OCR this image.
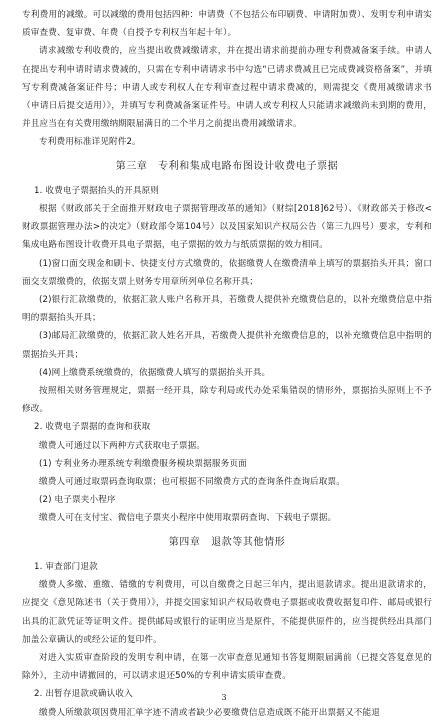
专利费用的减缴。可以减缴的费用包括四种：申请费（不包括公布印刷费、申请附加费）、发明专利申请实质审查费、复审费、年费（自授予专利权当年起十年）。

请求减缴专利收费的，应当提出收费减缴请求，并在提出请求前提前办理专利费减备案手续。申请人在提出专利申请时请求费减的，只需在专利申请请求书中勾选“已请求费减且已完成费减资格备案”，并填写专利费减备案证件号；申请人或专利权人在专利审查过程中请求费减的，则需提交《费用减缴请求书（申请日后提交适用）》，并填写专利费减备案证件号。申请人或专利权人只能请求减缴尚未到期的费用，并且应当在有关费用缴纳期限届满日的二个半月之前提出费用减缴请求。

专利费用标准详见附件2。

第三章　专利和集成电路布图设计收费电子票据

1. 收费电子票据抬头的开具原则

根据《财政部关于全面推开财政电子票据管理改革的通知》（财综[2018]62号）、《财政部关于修改<财政票据管理办法>的决定》（财政部令第104号）以及国家知识产权局公告（第三九四号）要求，专利和集成电路布图设计收费开具电子票据，电子票据的效力与纸质票据的效力相同。

(1)窗口面交现金和刷卡、快捷支付方式缴费的，依据缴费人在缴费清单上填写的票据抬头开具；窗口面交支票缴费的，依据支票上财务专用章所列单位名称开具；

(2)银行汇款缴费的，依据汇款人账户名称开具，若缴费人提供补充缴费信息的，以补充缴费信息中指明的票据抬头开具；

(3)邮局汇款缴费的，依据汇款人姓名开具，若缴费人提供补充缴费信息的，以补充缴费信息中指明的票据抬头开具；

(4)网上缴费系统缴费的，依据缴费人填写的票据抬头开具。

按照相关财务管理规定，票据一经开具，除专利局或代办处采集错误的情形外，票据抬头原则上不予修改。

2. 收费电子票据的查询和获取

缴费人可通过以下两种方式获取电子票据。

(1) 专利业务办理系统专利缴费服务模块票据服务页面

缴费人可通过取票码查询取票；也可根据不同缴费方式的查询条件查询后取票。

(2) 电子票夹小程序

缴费人可在支付宝、微信电子票夹小程序中使用取票码查询、下载电子票据。

第四章　退款等其他情形

1. 审查部门退款

缴费人多缴、重缴、错缴的专利费用，可以自缴费之日起三年内，提出退款请求。提出退款请求的，应提交《意见陈述书（关于费用）》，并提交国家知识产权局收费电子票据或收费收据复印件、邮局或银行出具的汇款凭证等证明文件。提供邮局或银行的证明应当是原件，不能提供原件的，应当提供经出具部门加盖公章确认的或经公证的复印件。

对进入实质审查阶段的发明专利申请，在第一次审查意见通知书答复期限届满前（已提交答复意见的除外），主动申请撤回的，可以请求退还50%的专利申请实质审查费。

2. 出暂存退款或确认收入

缴费人所缴款项因费用汇单字迹不清或者缺少必要缴费信息造成既不能开出票据又不能退

3
